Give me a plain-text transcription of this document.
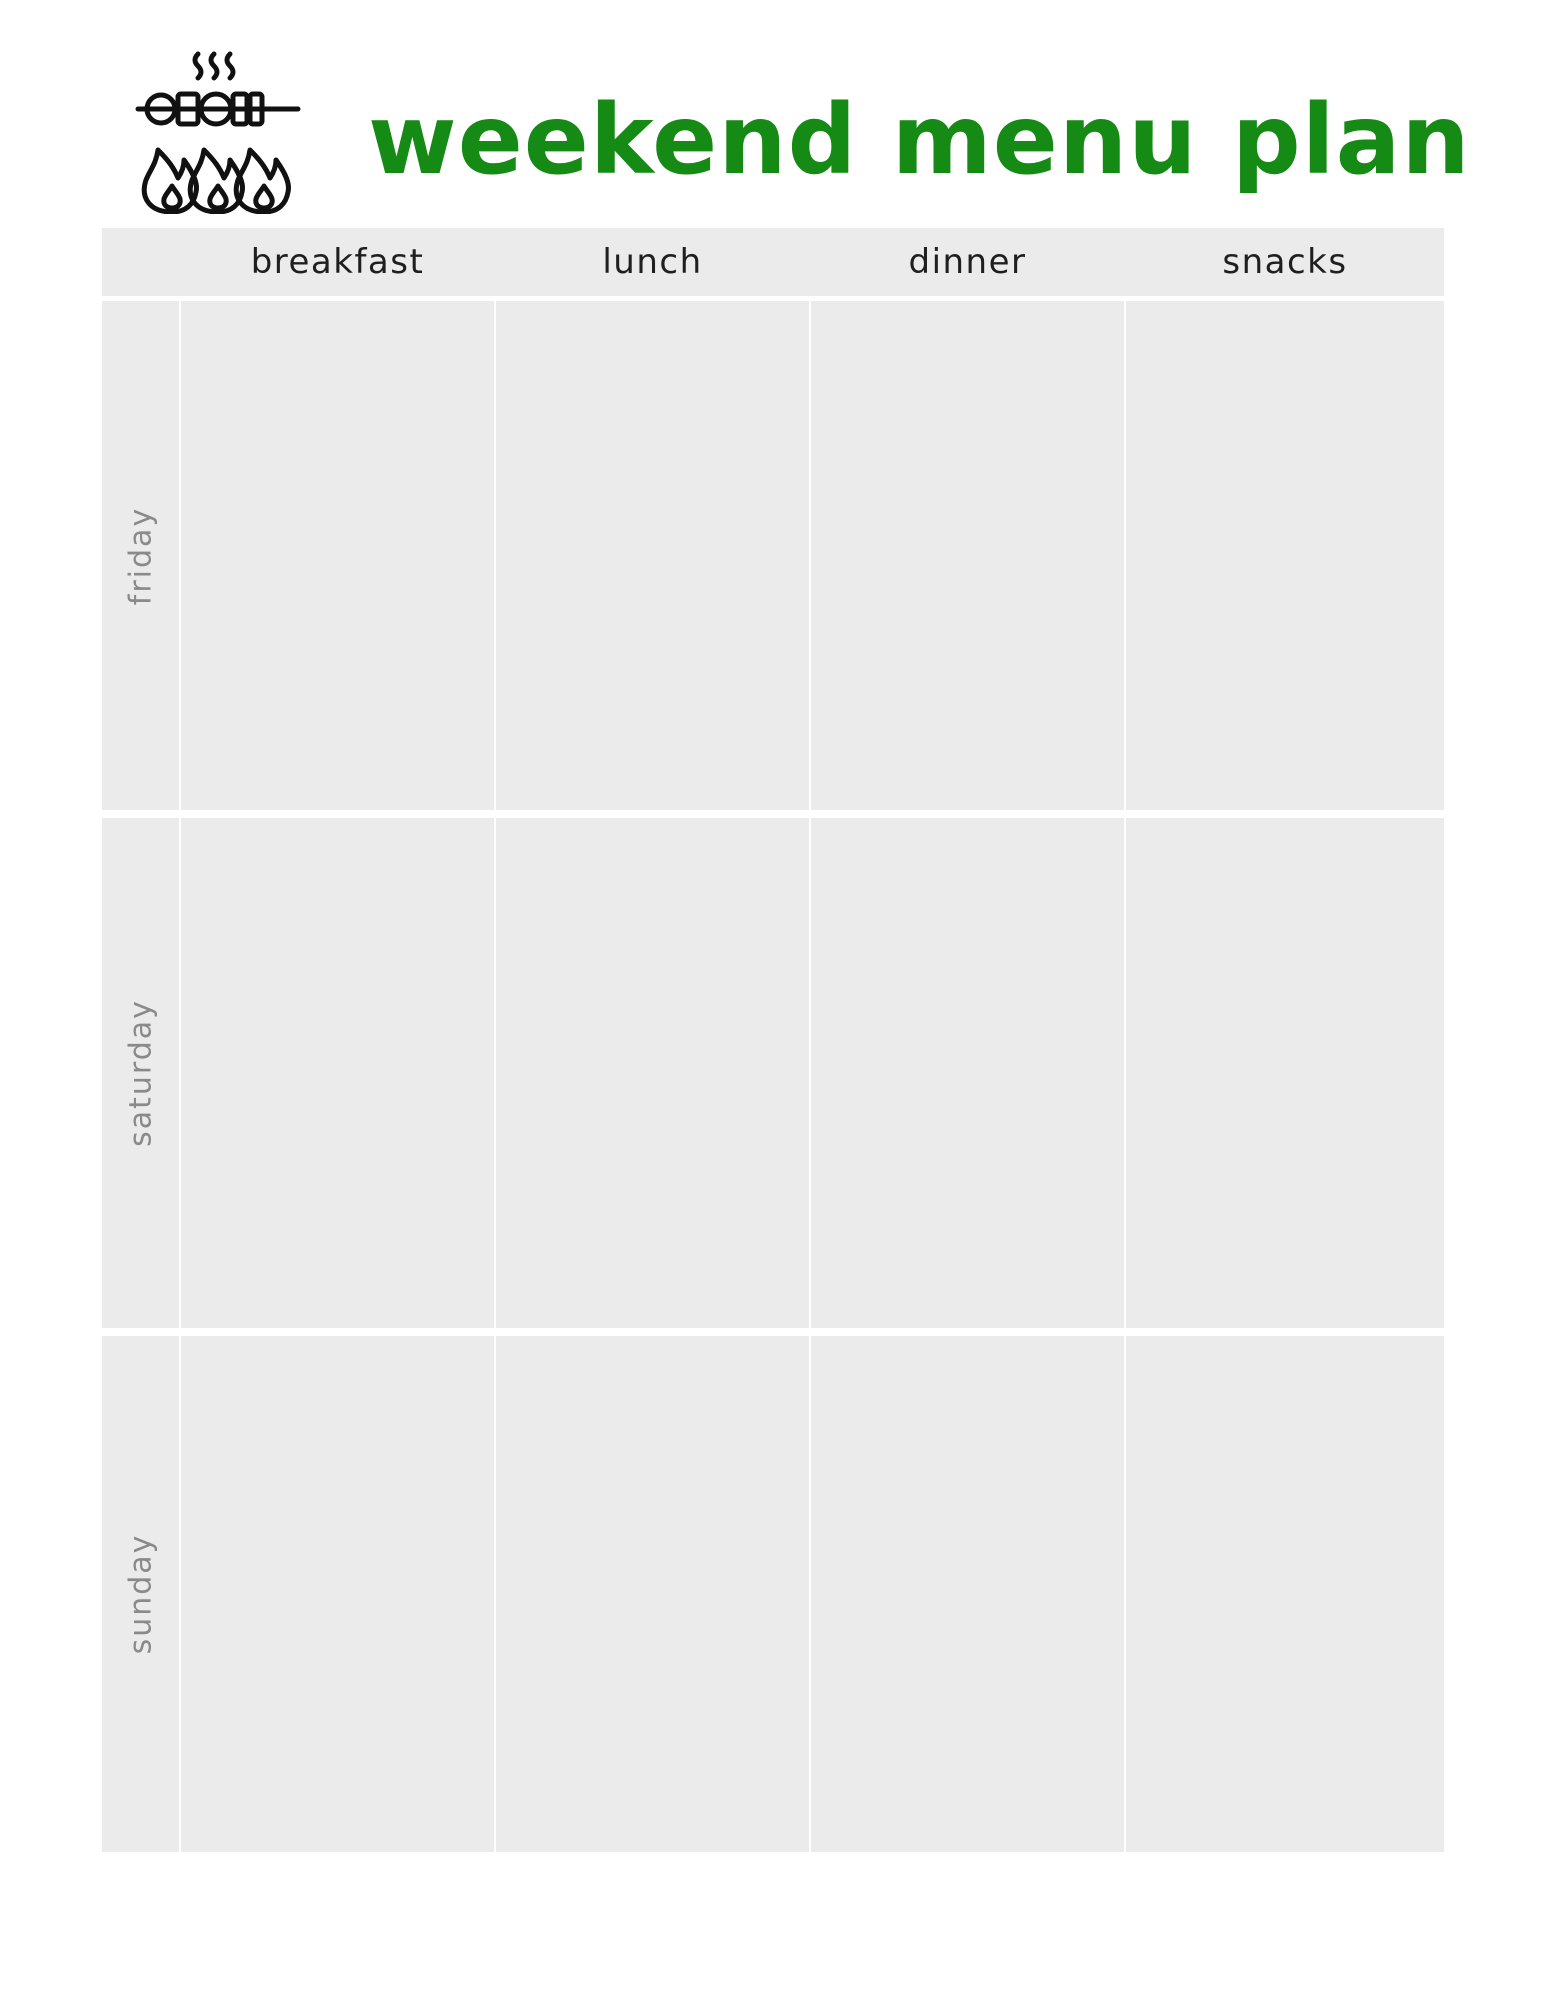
weekend menu plan
breakfast	lunch	dinner	snacks
friday
saturday
sunday
